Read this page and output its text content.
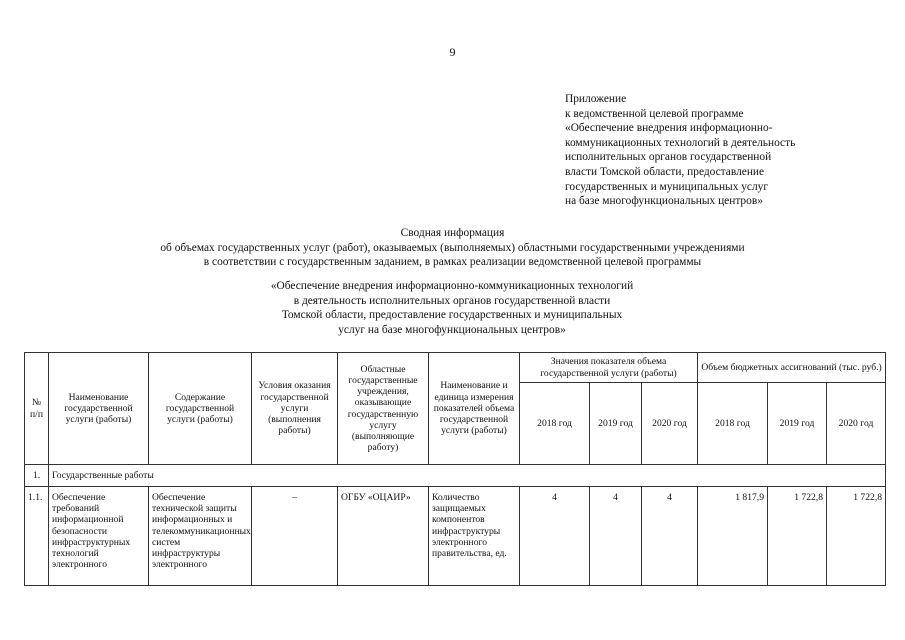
9
Приложение
к ведомственной целевой программе
«Обеспечение внедрения информационно-
коммуникационных технологий в деятельность
исполнительных органов государственной
власти Томской области, предоставление
государственных и муниципальных услуг
на базе многофункциональных центров»
Сводная информация
об объемах государственных услуг (работ), оказываемых (выполняемых) областными государственными учреждениями
в соответствии с государственным заданием, в рамках реализации ведомственной целевой программы
«Обеспечение внедрения информационно-коммуникационных технологий
в деятельность исполнительных органов государственной власти
Томской области, предоставление государственных и муниципальных
услуг на базе многофункциональных центров»
№ п/п	Наименование государственной услуги (работы)	Содержание государственной услуги (работы)	Условия оказания государственной услуги (выполнения работы)	Областные государственные учреждения, оказывающие государственную услугу (выполняющие работу)	Наименование и единица измерения показателей объема государственной услуги (работы)	Значения показателя объема государственной услуги (работы)			Объем бюджетных ассигнований (тыс. руб.)		
						2018 год	2019 год	2020 год	2018 год	2019 год	2020 год
1.	Государственные работы										
1.1.	Обеспечение требований информационной безопасности инфраструктурных технологий электронного	Обеспечение технической защиты информационных и телекоммуникационных систем инфраструктуры электронного	–	ОГБУ «ОЦАИР»	Количество защищаемых компонентов инфраструктуры электронного правительства, ед.	4	4	4	1 817,9	1 722,8	1 722,8
